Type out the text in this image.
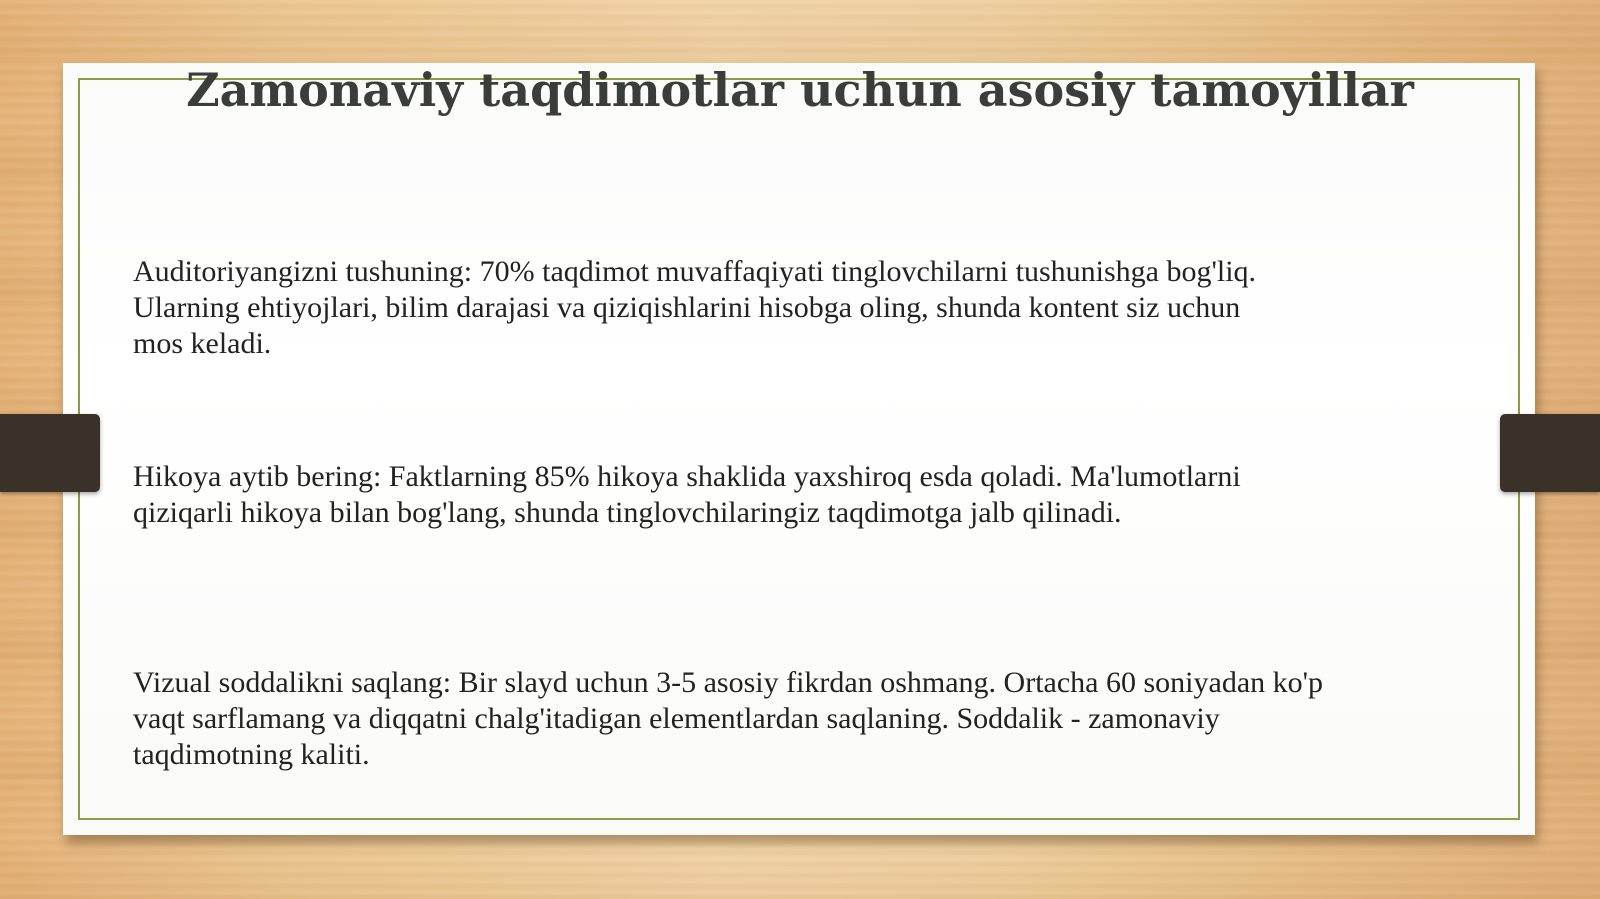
Zamonaviy taqdimotlar uchun asosiy tamoyillar

Auditoriyangizni tushuning: 70% taqdimot muvaffaqiyati tinglovchilarni tushunishga bog'liq.
Ularning ehtiyojlari, bilim darajasi va qiziqishlarini hisobga oling, shunda kontent siz uchun
mos keladi.

Hikoya aytib bering: Faktlarning 85% hikoya shaklida yaxshiroq esda qoladi. Ma'lumotlarni
qiziqarli hikoya bilan bog'lang, shunda tinglovchilaringiz taqdimotga jalb qilinadi.

Vizual soddalikni saqlang: Bir slayd uchun 3-5 asosiy fikrdan oshmang. Ortacha 60 soniyadan ko'p
vaqt sarflamang va diqqatni chalg'itadigan elementlardan saqlaning. Soddalik - zamonaviy
taqdimotning kaliti.
